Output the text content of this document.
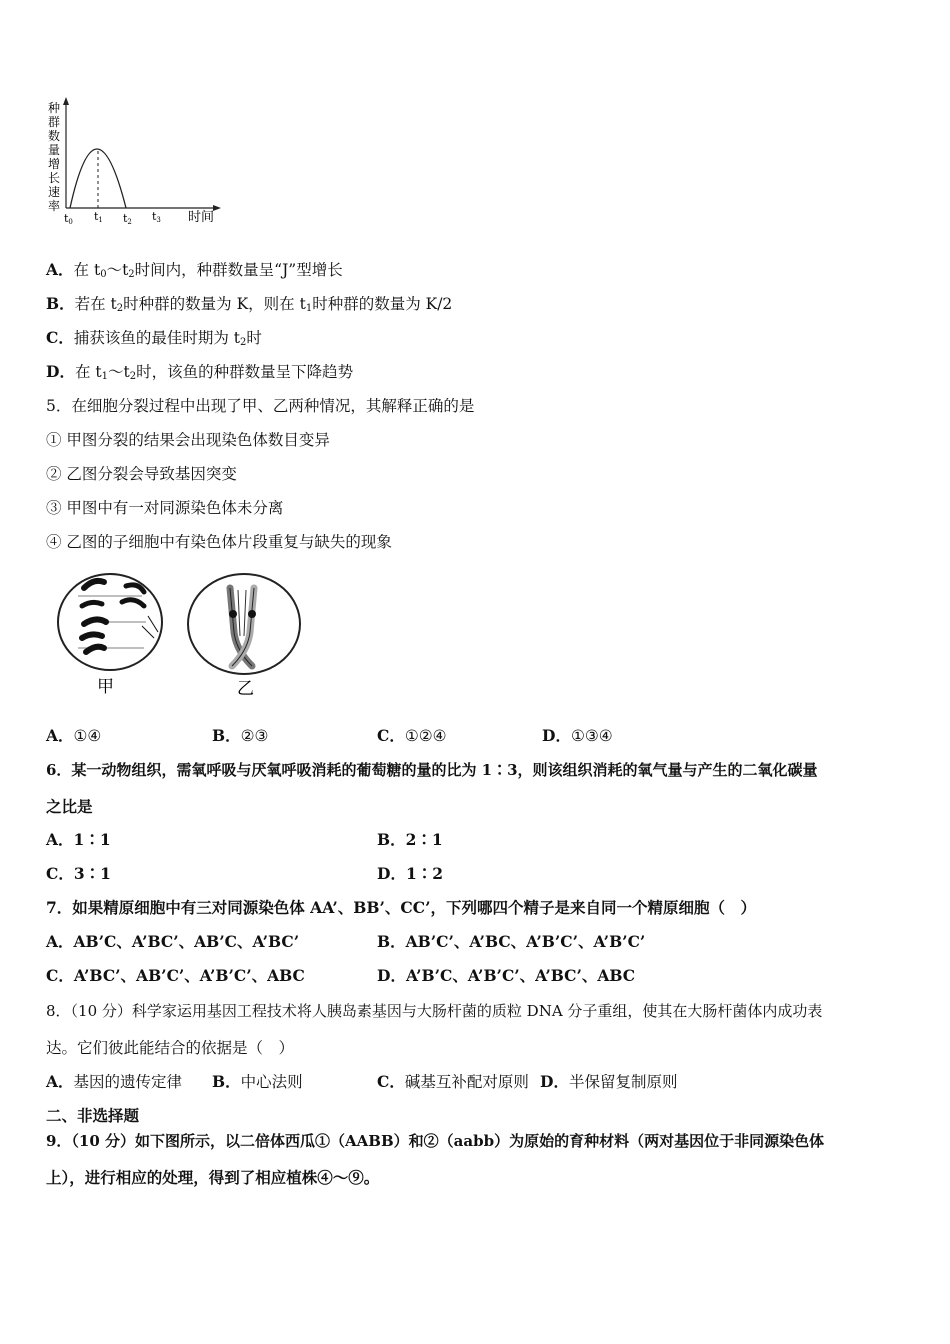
种
群
数
量
增
长
速
率
t0 t1 t2 t3 时间
A．在 $t_0\sim t_2$时间内，种群数量呈“J”型增长
B．若在 $t_2$时种群的数量为 K，则在 $t_1$时种群的数量为 K/2
C．捕获该鱼的最佳时期为 $t_2$时
D．在 $t_1\sim t_2$时，该鱼的种群数量呈下降趋势
5．在细胞分裂过程中出现了甲、乙两种情况，其解释正确的是
① 甲图分裂的结果会出现染色体数目变异
② 乙图分裂会导致基因突变
③ 甲图中有一对同源染色体未分离
④ 乙图的子细胞中有染色体片段重复与缺失的现象
甲	乙
A．①④	B．②③	C．①②④	D．①③④
6．某一动物组织，需氧呼吸与厌氧呼吸消耗的葡萄糖的量的比为 1∶3，则该组织消耗的氧气量与产生的二氧化碳量
之比是
A．1∶1	B．2∶1
C．3∶1	D．1∶2
7．如果精原细胞中有三对同源染色体 AA’、BB’、CC’，下列哪四个精子是来自同一个精原细胞（　）
A．AB’C、A’BC’、AB’C、A’BC’	B．AB’C’、A’BC、A’B’C’、A’B’C’
C．A’BC’、AB’C’、A’B’C’、ABC	D．A’B’C、A’B’C’、A’BC’、ABC
8．（10 分）科学家运用基因工程技术将人胰岛素基因与大肠杆菌的质粒 DNA 分子重组，使其在大肠杆菌体内成功表
达。它们彼此能结合的依据是（　）
A．基因的遗传定律 B．中心法则	C．碱基互补配对原则 D．半保留复制原则
二、非选择题
9．（10 分）如下图所示，以二倍体西瓜①（AABB）和②（aabb）为原始的育种材料（两对基因位于非同源染色体
上），进行相应的处理，得到了相应植株④～⑨。
